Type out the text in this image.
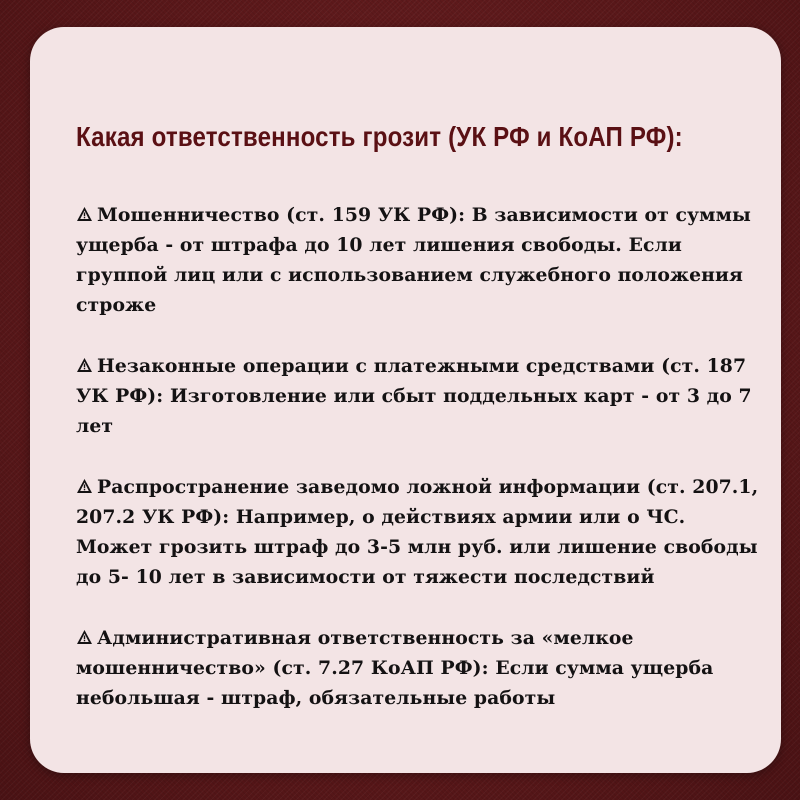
Какая ответственность грозит (УК РФ и КоАП РФ):
Мошенничество (ст. 159 УК РФ): В зависимости от суммы ущерба - от штрафа до 10 лет лишения свободы. Если группой лиц или с использованием служебного положения строже
Незаконные операции с платежными средствами (ст. 187 УК РФ): Изготовление или сбыт поддельных карт - от 3 до 7 лет
Распространение заведомо ложной информации (ст. 207.1, 207.2 УК РФ): Например, о действиях армии или о ЧС. Может грозить штраф до 3-5 млн руб. или лишение свободы до 5- 10 лет в зависимости от тяжести последствий
Административная ответственность за «мелкое мошенничество» (ст. 7.27 КоАП РФ): Если сумма ущерба небольшая - штраф, обязательные работы
